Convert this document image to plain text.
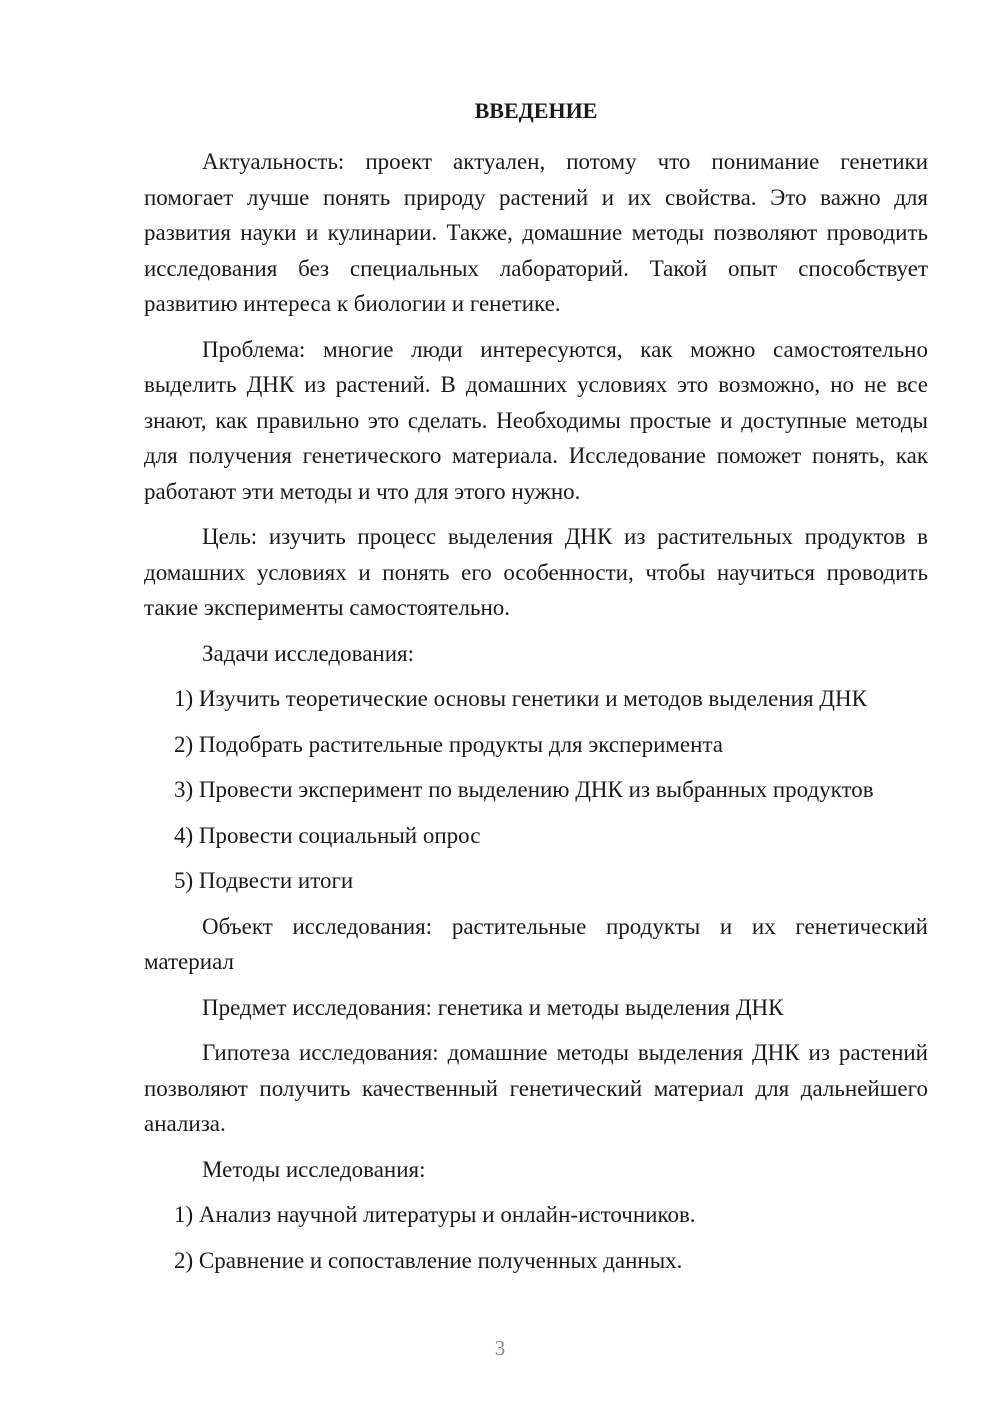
ВВЕДЕНИЕ

Актуальность: проект актуален, потому что понимание генетики помогает лучше понять природу растений и их свойства. Это важно для развития науки и кулинарии. Также, домашние методы позволяют проводить исследования без специальных лабораторий. Такой опыт способствует развитию интереса к биологии и генетике.

Проблема: многие люди интересуются, как можно самостоятельно выделить ДНК из растений. В домашних условиях это возможно, но не все знают, как правильно это сделать. Необходимы простые и доступные методы для получения генетического материала. Исследование поможет понять, как работают эти методы и что для этого нужно.

Цель: изучить процесс выделения ДНК из растительных продуктов в домашних условиях и понять его особенности, чтобы научиться проводить такие эксперименты самостоятельно.

Задачи исследования:

1) Изучить теоретические основы генетики и методов выделения ДНК

2) Подобрать растительные продукты для эксперимента

3) Провести эксперимент по выделению ДНК из выбранных продуктов

4) Провести социальный опрос

5) Подвести итоги

Объект исследования: растительные продукты и их генетический материал

Предмет исследования: генетика и методы выделения ДНК

Гипотеза исследования: домашние методы выделения ДНК из растений позволяют получить качественный генетический материал для дальнейшего анализа.

Методы исследования:

1) Анализ научной литературы и онлайн-источников.

2) Сравнение и сопоставление полученных данных.

3
